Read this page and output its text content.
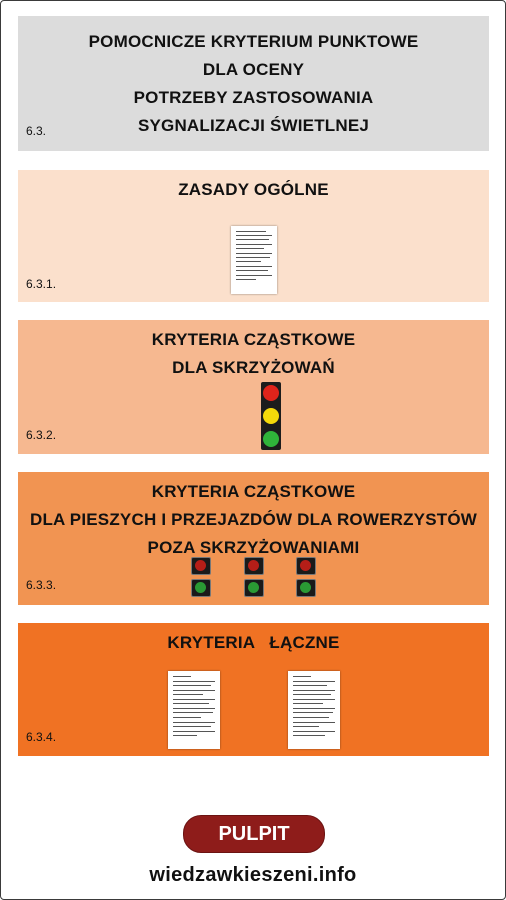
POMOCNICZE KRYTERIUM PUNKTOWE
DLA OCENY
POTRZEBY ZASTOSOWANIA
SYGNALIZACJI ŚWIETLNEJ
6.3.
ZASADY OGÓLNE
6.3.1.
KRYTERIA CZĄSTKOWE
DLA SKRZYŻOWAŃ
6.3.2.
KRYTERIA CZĄSTKOWE
DLA PIESZYCH I PRZEJAZDÓW DLA ROWERZYSTÓW
POZA SKRZYŻOWANIAMI
6.3.3.
KRYTERIA   ŁĄCZNE
6.3.4.
PULPIT
wiedzawkieszeni.info
